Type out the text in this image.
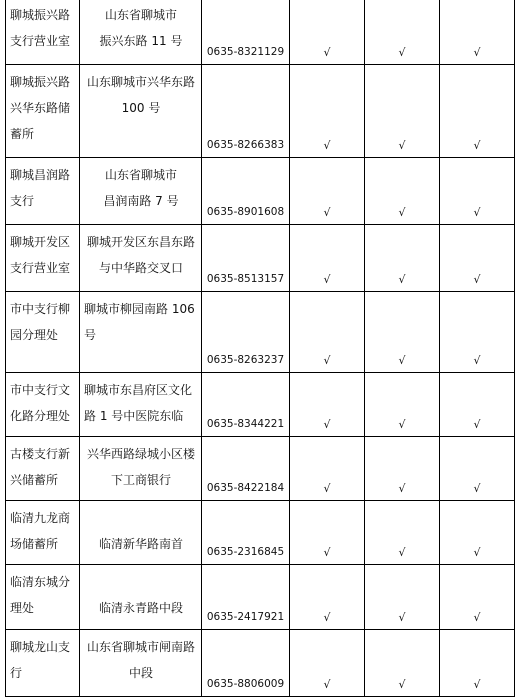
聊城振兴路
支行营业室	山东省聊城市
振兴东路 11 号	0635-8321129	√	√	√

聊城振兴路
兴华东路储
蓄所	山东聊城市兴华东路
100 号	0635-8266383	√	√	√

聊城昌润路
支行	山东省聊城市
昌润南路 7 号	0635-8901608	√	√	√

聊城开发区
支行营业室	聊城开发区东昌东路
与中华路交叉口	0635-8513157	√	√	√

市中支行柳
园分理处	聊城市柳园南路 106
号	0635-8263237	√	√	√

市中支行文
化路分理处	聊城市东昌府区文化
路 1 号中医院东临	0635-8344221	√	√	√

古楼支行新
兴储蓄所	兴华西路绿城小区楼
下工商银行	0635-8422184	√	√	√

临清九龙商
场储蓄所	
临清新华路南首	0635-2316845	√	√	√

临清东城分
理处	
临清永青路中段	0635-2417921	√	√	√

聊城龙山支
行	山东省聊城市闸南路
中段	0635-8806009	√	√	√
